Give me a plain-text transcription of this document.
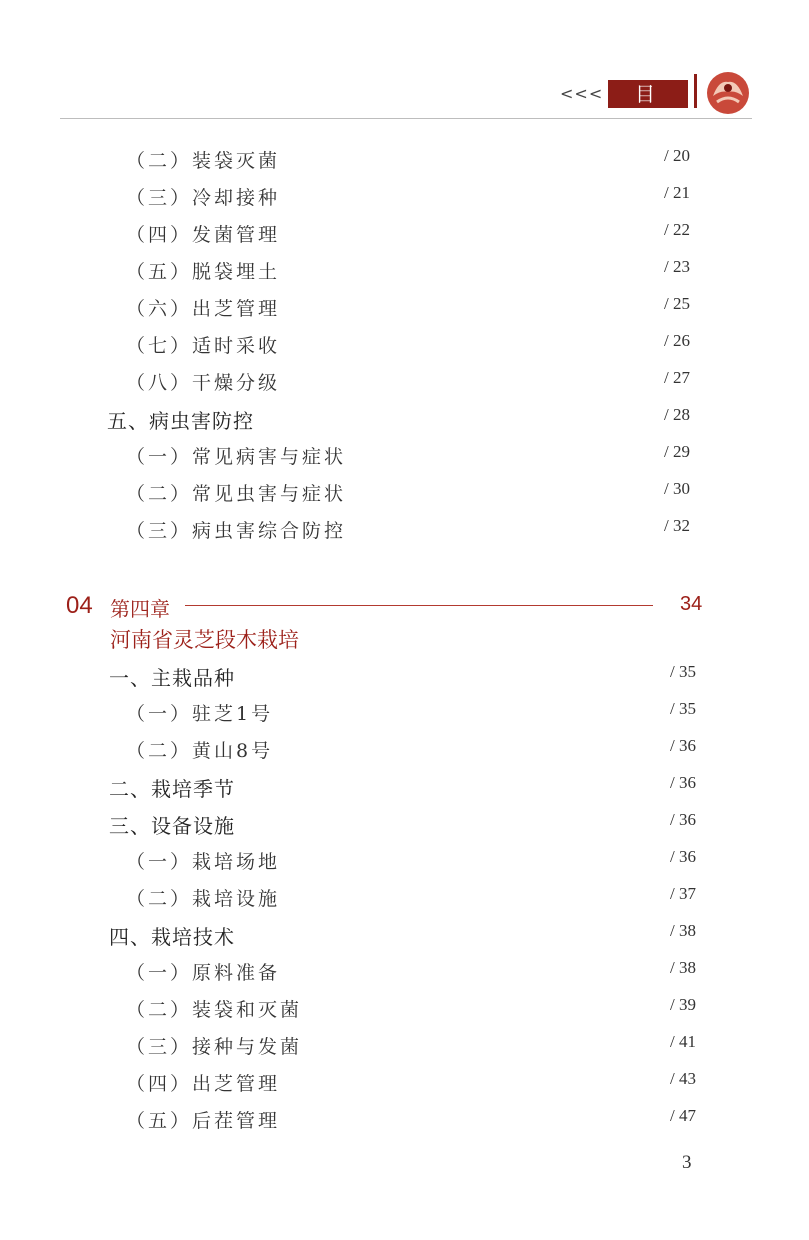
<<<	目 录
（二）装袋灭菌	/ 20
（三）冷却接种	/ 21
（四）发菌管理	/ 22
（五）脱袋埋土	/ 23
（六）出芝管理	/ 25
（七）适时采收	/ 26
（八）干燥分级	/ 27
五、病虫害防控	/ 28
（一）常见病害与症状	/ 29
（二）常见虫害与症状	/ 30
（三）病虫害综合防控	/ 32
04 第四章	34
河南省灵芝段木栽培
一、主栽品种	/ 35
（一）驻芝1号	/ 35
（二）黄山8号	/ 36
二、栽培季节	/ 36
三、设备设施	/ 36
（一）栽培场地	/ 36
（二）栽培设施	/ 37
四、栽培技术	/ 38
（一）原料准备	/ 38
（二）装袋和灭菌	/ 39
（三）接种与发菌	/ 41
（四）出芝管理	/ 43
（五）后茬管理	/ 47
3
